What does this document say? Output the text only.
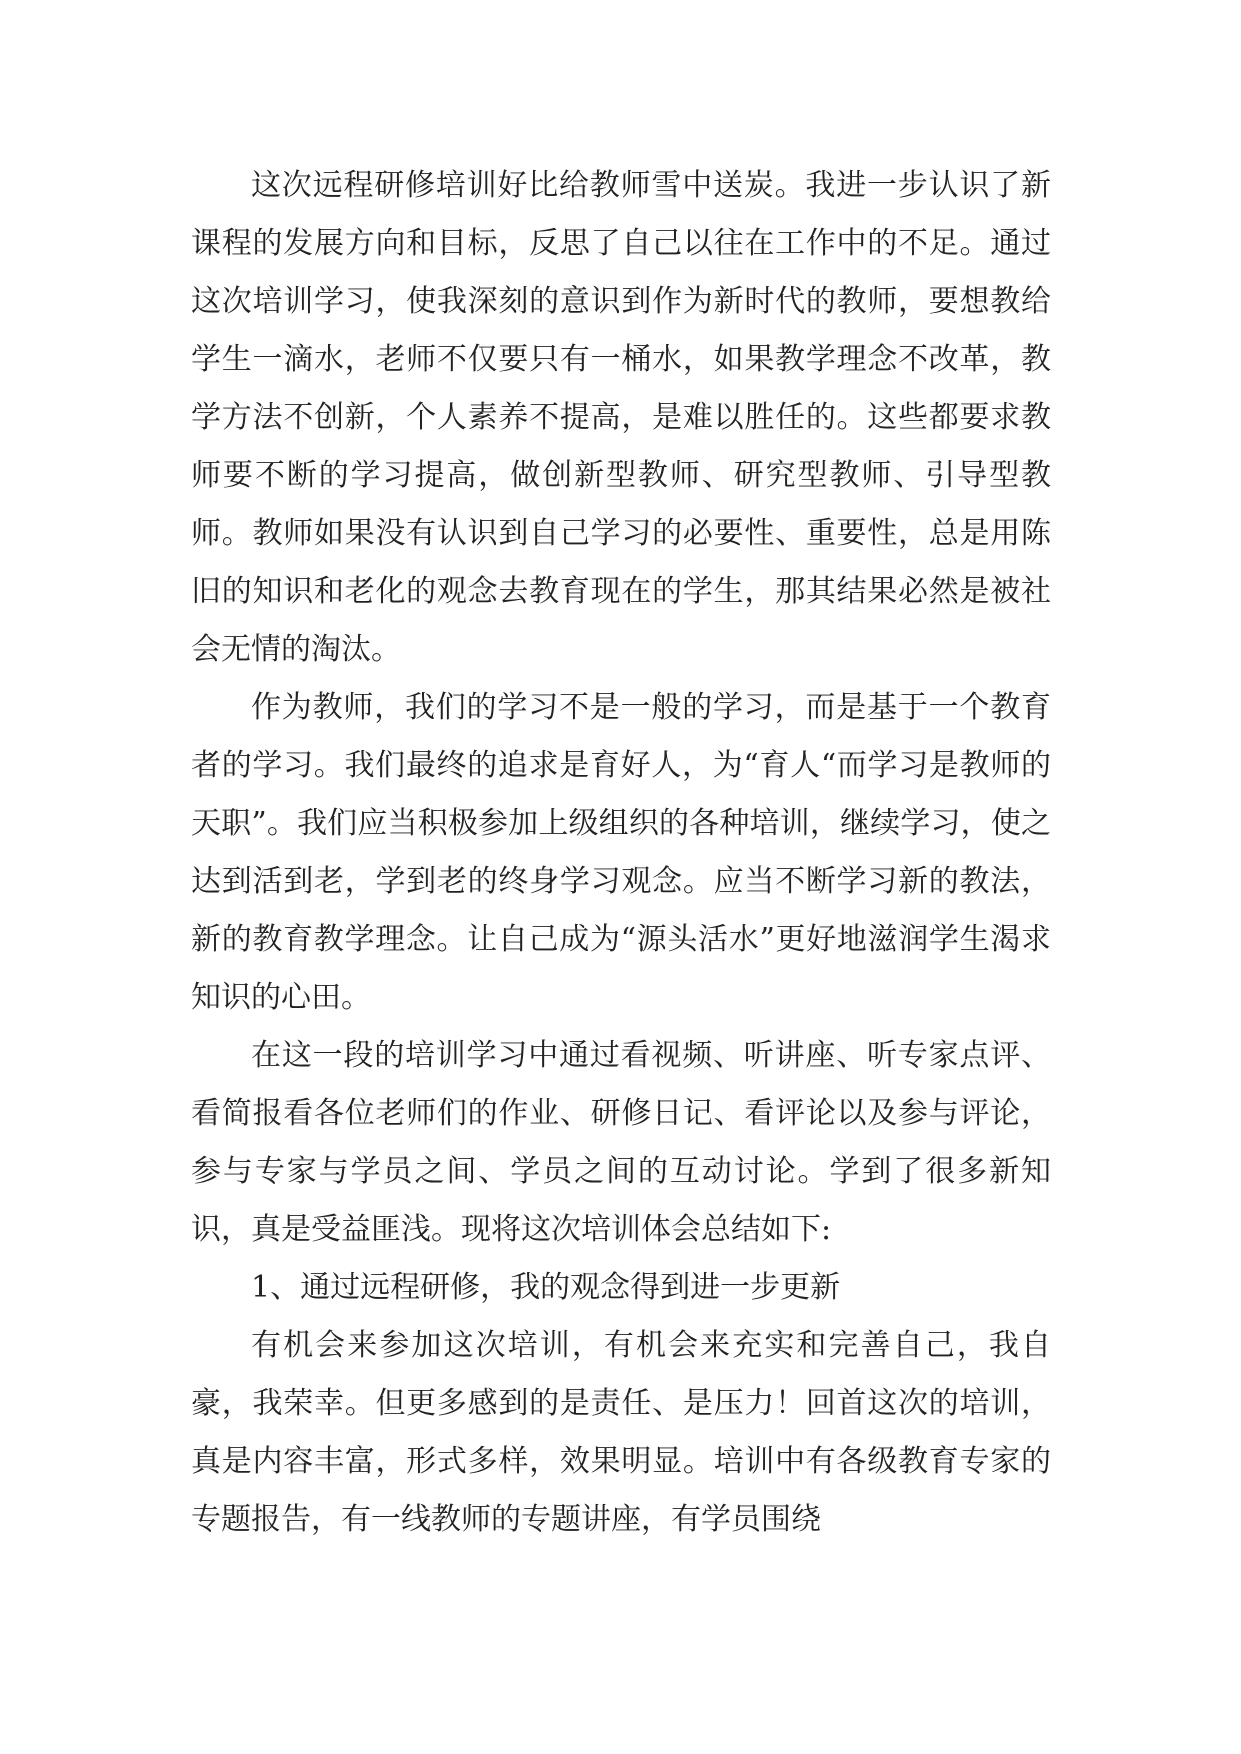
这次远程研修培训好比给教师雪中送炭。我进一步认识了新课程的发展方向和目标，反思了自己以往在工作中的不足。通过这次培训学习，使我深刻的意识到作为新时代的教师，要想教给学生一滴水，老师不仅要只有一桶水，如果教学理念不改革，教学方法不创新，个人素养不提高，是难以胜任的。这些都要求教师要不断的学习提高，做创新型教师、研究型教师、引导型教师。教师如果没有认识到自己学习的必要性、重要性，总是用陈旧的知识和老化的观念去教育现在的学生，那其结果必然是被社会无情的淘汰。

作为教师，我们的学习不是一般的学习，而是基于一个教育者的学习。我们最终的追求是育好人，为“育人“而学习是教师的天职”。我们应当积极参加上级组织的各种培训，继续学习，使之达到活到老，学到老的终身学习观念。应当不断学习新的教法，新的教育教学理念。让自己成为“源头活水”更好地滋润学生渴求知识的心田。

在这一段的培训学习中通过看视频、听讲座、听专家点评、看简报看各位老师们的作业、研修日记、看评论以及参与评论，参与专家与学员之间、学员之间的互动讨论。学到了很多新知识，真是受益匪浅。现将这次培训体会总结如下:

1、通过远程研修，我的观念得到进一步更新

有机会来参加这次培训，有机会来充实和完善自己，我自豪，我荣幸。但更多感到的是责任、是压力！回首这次的培训，真是内容丰富，形式多样，效果明显。培训中有各级教育专家的专题报告，有一线教师的专题讲座，有学员围绕
